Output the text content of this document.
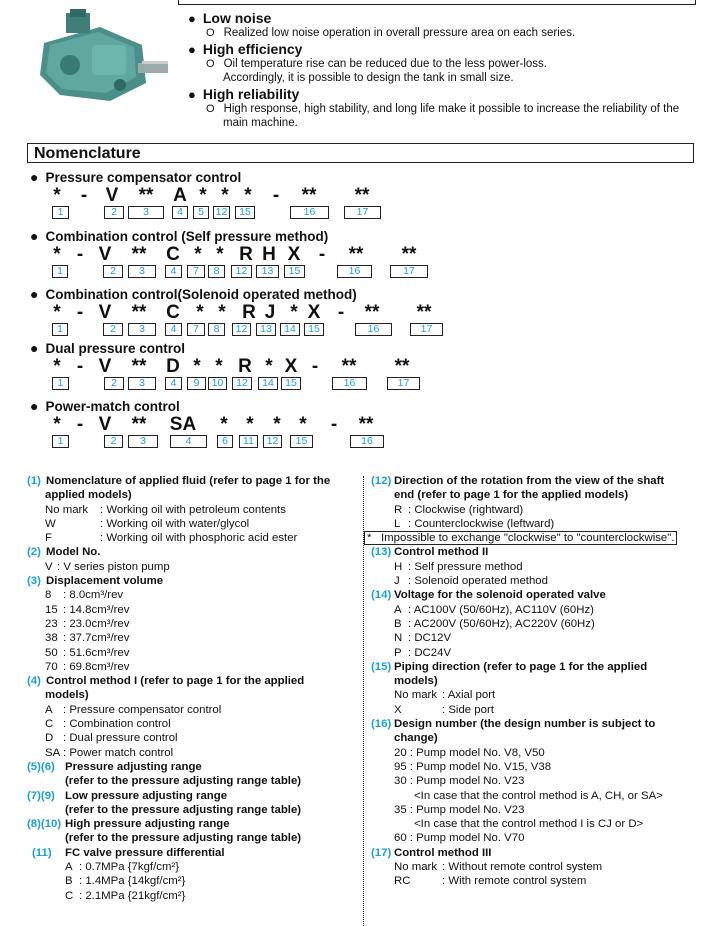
● Low noise
O Realized low noise operation in overall pressure area on each series.
● High efficiency
O Oil temperature rise can be reduced due to the less power-loss.
Accordingly, it is possible to design the tank in small size.
● High reliability
O High response, high stability, and long life make it possible to increase the reliability of the
main machine.
Nomenclature
● Pressure compensator control
* - V ** A * * * - ** **
1	2	3	4	5	12	15	16	17
● Combination control (Self pressure method)
* - V ** C * * R H X - ** **
1	2	3	4	7	8	12	13	15	16	17
● Combination control(Solenoid operated method)
* - V ** C * * R J * X - ** **
1	2	3	4	7	8	12	13	14	15	16	17
● Dual pressure control
* - V ** D * * R * X - ** **
1	2	3	4	9	10	12	14	15	16	17
● Power-match control
* - V ** SA * * * * - **
1	2	3	4	6	11	12	15	16
(1) Nomenclature of applied fluid (refer to page 1 for the
applied models)
No mark : Working oil with petroleum contents
W	: Working oil with water/glycol
F	: Working oil with phosphoric acid ester
(2) Model No.
V : V series piston pump
(3) Displacement volume
8 : 8.0cm³/rev
15 : 14.8cm³/rev
23 : 23.0cm³/rev
38 : 37.7cm³/rev
50 : 51.6cm³/rev
70 : 69.8cm³/rev
(4) Control method I (refer to page 1 for the applied
models)
A : Pressure compensator control
C : Combination control
D : Dual pressure control
SA : Power match control
(5)(6) Pressure adjusting range
(refer to the pressure adjusting range table)
(7)(9) Low pressure adjusting range
(refer to the pressure adjusting range table)
(8)(10) High pressure adjusting range
(refer to the pressure adjusting range table)
(11) FC valve pressure differential
A : 0.7MPa {7kgf/cm²}
B : 1.4MPa {14kgf/cm²}
C : 2.1MPa {21kgf/cm²}
(12) Direction of the rotation from the view of the shaft
end (refer to page 1 for the applied models)
R : Clockwise (rightward)
L : Counterclockwise (leftward)
* Impossible to exchange "clockwise" to "counterclockwise".
(13) Control method II
H : Self pressure method
J : Solenoid operated method
(14) Voltage for the solenoid operated valve
A : AC100V (50/60Hz), AC110V (60Hz)
B : AC200V (50/60Hz), AC220V (60Hz)
N : DC12V
P : DC24V
(15) Piping direction (refer to page 1 for the applied
models)
No mark : Axial port
X	: Side port
(16) Design number (the design number is subject to
change)
20 : Pump model No. V8, V50
95 : Pump model No. V15, V38
30 : Pump model No. V23
<In case that the control method is A, CH, or SA>
35 : Pump model No. V23
<In case that the control method I is CJ or D>
60 : Pump model No. V70
(17) Control method III
No mark : Without remote control system
RC	: With remote control system
